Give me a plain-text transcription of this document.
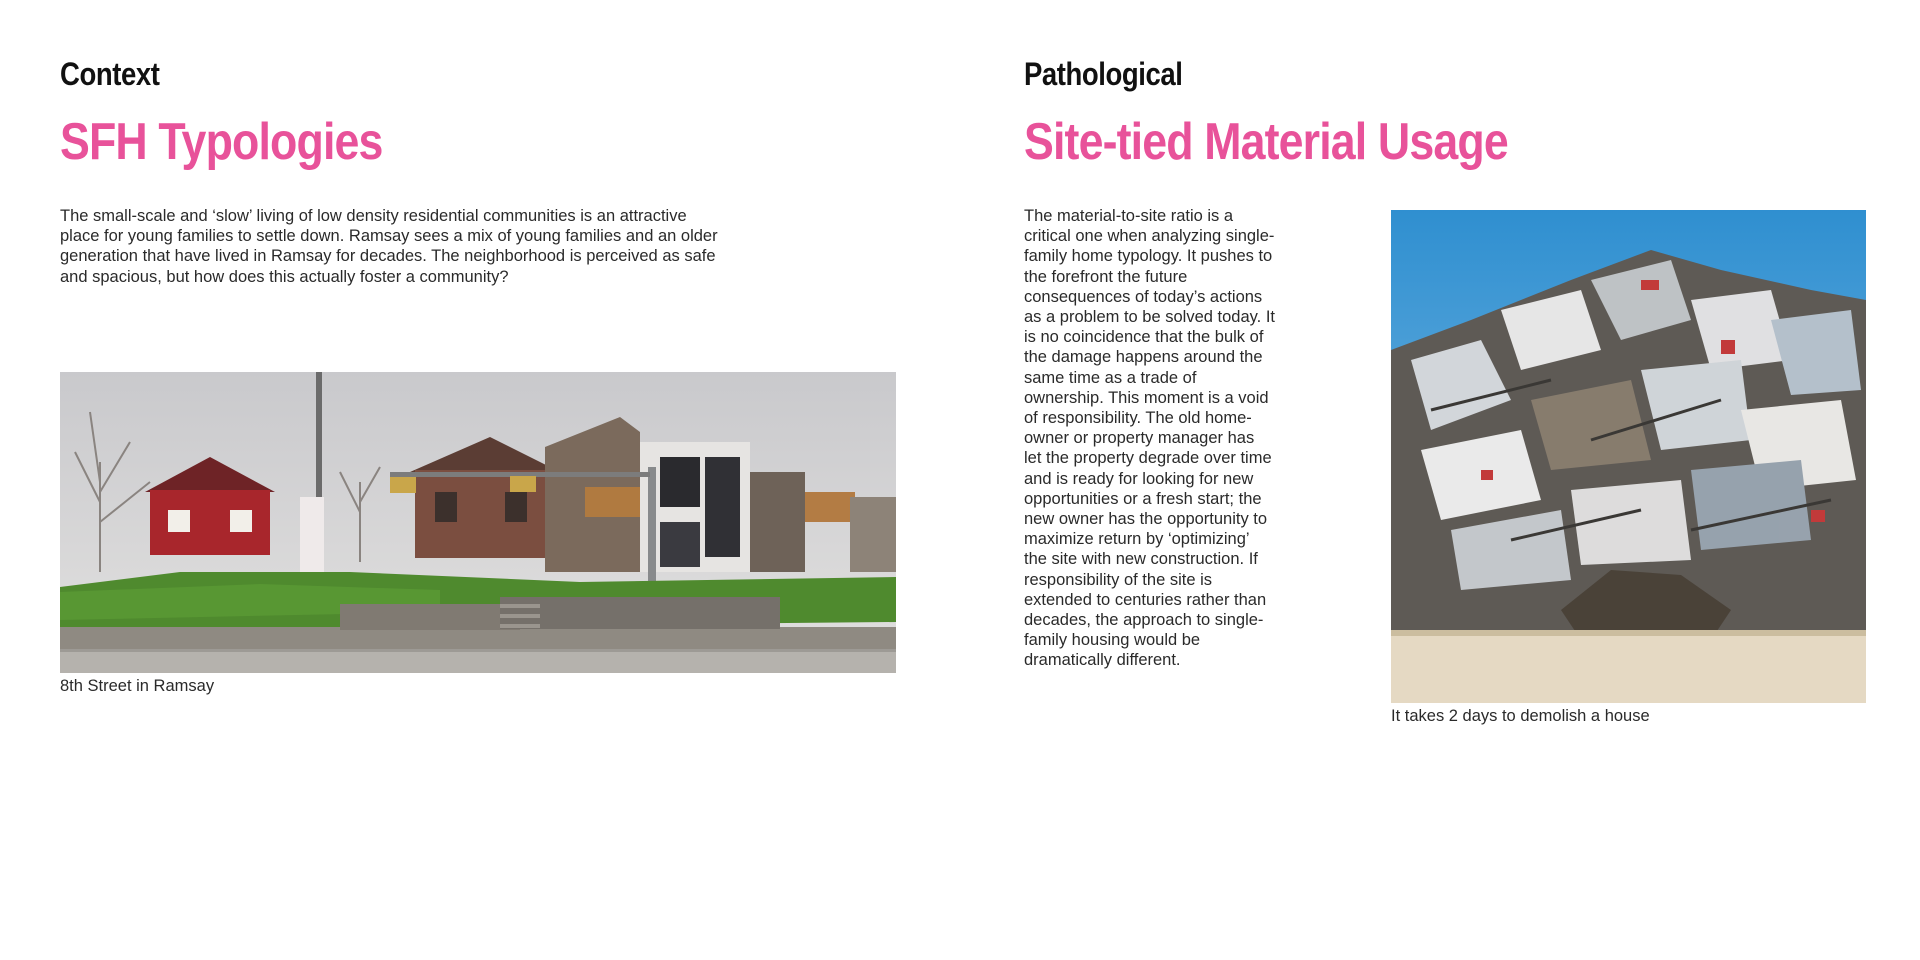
Context
SFH Typologies

The small-scale and ‘slow’ living of low density residential communities is an attractive place for young families to settle down. Ramsay sees a mix of young families and an older generation that have lived in Ramsay for decades. The neighborhood is perceived as safe and spacious, but how does this actually foster a community?

8th Street in Ramsay

Pathological
Site-tied Material Usage

The material-to-site ratio is a critical one when analyzing single-family home typology. It pushes to the forefront the future consequences of today’s actions as a problem to be solved today. It is no coincidence that the bulk of the damage happens around the same time as a trade of ownership. This moment is a void of responsibility. The old home-owner or property manager has let the property degrade over time and is ready for looking for new opportunities or a fresh start; the new owner has the opportunity to maximize return by ‘optimizing’ the site with new construction. If responsibility of the site is extended to centuries rather than decades, the approach to single-family housing would be dramatically different.

It takes 2 days to demolish a house
